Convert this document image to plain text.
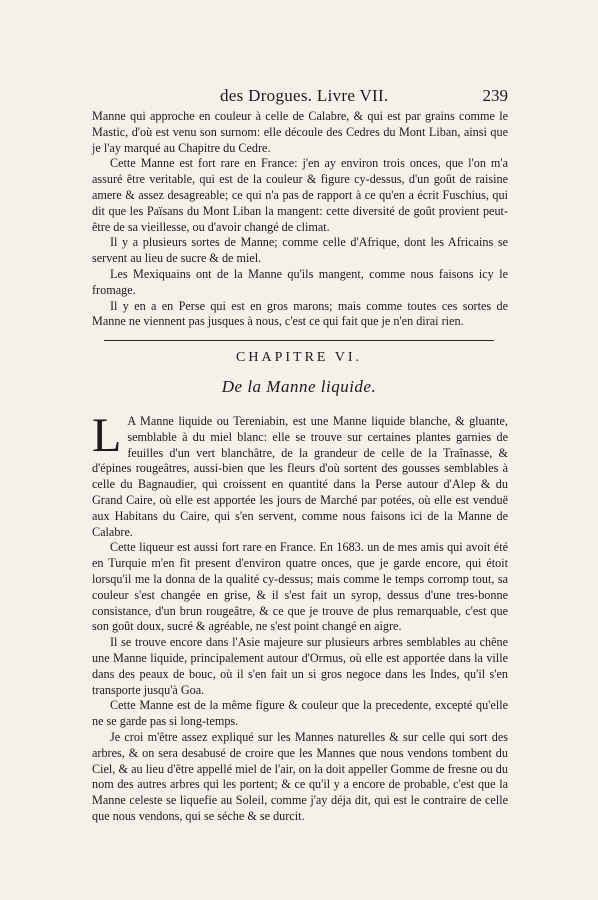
des Drogues. Livre VII.	239

Manne qui approche en couleur à celle de Calabre, & qui est par grains comme le Mastic, d'où est venu son surnom: elle découle des Cedres du Mont Liban, ainsi que je l'ay marqué au Chapitre du Cedre.

Cette Manne est fort rare en France: j'en ay environ trois onces, que l'on m'a assuré être veritable, qui est de la couleur & figure cy-dessus, d'un goût de raisine amere & assez desagreable; ce qui n'a pas de rapport à ce qu'en a écrit Fuschius, qui dit que les Païsans du Mont Liban la mangent: cette diversité de goût provient peut-être de sa vieillesse, ou d'avoir changé de climat.

Il y a plusieurs sortes de Manne; comme celle d'Afrique, dont les Africains se servent au lieu de sucre & de miel.

Les Mexiquains ont de la Manne qu'ils mangent, comme nous faisons icy le fromage.

Il y en a en Perse qui est en gros marons; mais comme toutes ces sortes de Manne ne viennent pas jusques à nous, c'est ce qui fait que je n'en dirai rien.

CHAPITRE VI.
De la Manne liquide.

L A Manne liquide ou Tereniabin, est une Manne liquide blanche, & gluante, semblable à du miel blanc: elle se trouve sur certaines plantes garnies de feuilles d'un vert blanchâtre, de la grandeur de celle de la Traînasse, & d'épines rougeâtres, aussi-bien que les fleurs d'où sortent des gousses semblables à celle du Bagnaudier, qui croissent en quantité dans la Perse autour d'Alep & du Grand Caire, où elle est apportée les jours de Marché par potées, où elle est venduë aux Habitans du Caire, qui s'en servent, comme nous faisons ici de la Manne de Calabre.

Cette liqueur est aussi fort rare en France. En 1683. un de mes amis qui avoit été en Turquie m'en fit present d'environ quatre onces, que je garde encore, qui étoit lorsqu'il me la donna de la qualité cy-dessus; mais comme le temps corromp tout, sa couleur s'est changée en grise, & il s'est fait un syrop, dessus d'une tres-bonne consistance, d'un brun rougeâtre, & ce que je trouve de plus remarquable, c'est que son goût doux, sucré & agréable, ne s'est point changé en aigre.

Il se trouve encore dans l'Asie majeure sur plusieurs arbres semblables au chêne une Manne liquide, principalement autour d'Ormus, où elle est apportée dans la ville dans des peaux de bouc, où il s'en fait un si gros negoce dans les Indes, qu'il s'en transporte jusqu'à Goa.

Cette Manne est de la même figure & couleur que la precedente, excepté qu'elle ne se garde pas si long-temps.

Je croi m'être assez expliqué sur les Mannes naturelles & sur celle qui sort des arbres, & on sera desabusé de croire que les Mannes que nous vendons tombent du Ciel, & au lieu d'être appellé miel de l'air, on la doit appeller Gomme de fresne ou du nom des autres arbres qui les portent; & ce qu'il y a encore de probable, c'est que la Manne celeste se liquefie au Soleil, comme j'ay déja dit, qui est le contraire de celle que nous vendons, qui se séche & se durcit.
